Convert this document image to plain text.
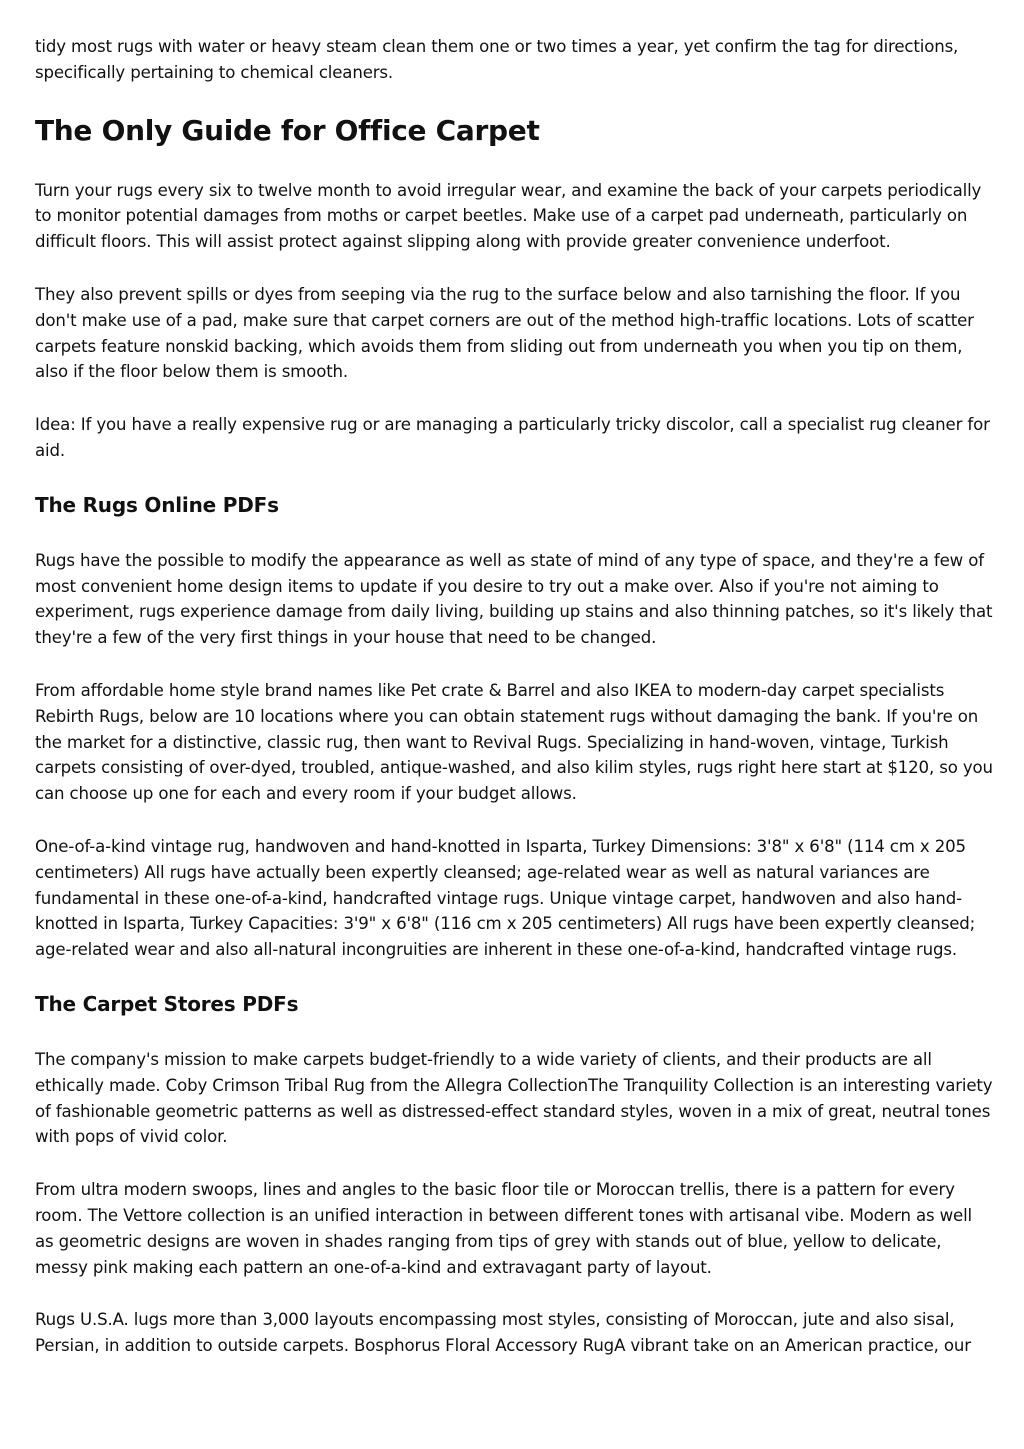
tidy most rugs with water or heavy steam clean them one or two times a year, yet confirm the tag for directions, specifically pertaining to chemical cleaners.

The Only Guide for Office Carpet

Turn your rugs every six to twelve month to avoid irregular wear, and examine the back of your carpets periodically to monitor potential damages from moths or carpet beetles. Make use of a carpet pad underneath, particularly on difficult floors. This will assist protect against slipping along with provide greater convenience underfoot.

They also prevent spills or dyes from seeping via the rug to the surface below and also tarnishing the floor. If you don't make use of a pad, make sure that carpet corners are out of the method high-traffic locations. Lots of scatter carpets feature nonskid backing, which avoids them from sliding out from underneath you when you tip on them, also if the floor below them is smooth.

Idea: If you have a really expensive rug or are managing a particularly tricky discolor, call a specialist rug cleaner for aid.

The Rugs Online PDFs

Rugs have the possible to modify the appearance as well as state of mind of any type of space, and they're a few of most convenient home design items to update if you desire to try out a make over. Also if you're not aiming to experiment, rugs experience damage from daily living, building up stains and also thinning patches, so it's likely that they're a few of the very first things in your house that need to be changed.

From affordable home style brand names like Pet crate & Barrel and also IKEA to modern-day carpet specialists Rebirth Rugs, below are 10 locations where you can obtain statement rugs without damaging the bank. If you're on the market for a distinctive, classic rug, then want to Revival Rugs. Specializing in hand-woven, vintage, Turkish carpets consisting of over-dyed, troubled, antique-washed, and also kilim styles, rugs right here start at $120, so you can choose up one for each and every room if your budget allows.

One-of-a-kind vintage rug, handwoven and hand-knotted in Isparta, Turkey Dimensions: 3'8" x 6'8" (114 cm x 205 centimeters) All rugs have actually been expertly cleansed; age-related wear as well as natural variances are fundamental in these one-of-a-kind, handcrafted vintage rugs. Unique vintage carpet, handwoven and also hand-knotted in Isparta, Turkey Capacities: 3'9" x 6'8" (116 cm x 205 centimeters) All rugs have been expertly cleansed; age-related wear and also all-natural incongruities are inherent in these one-of-a-kind, handcrafted vintage rugs.

The Carpet Stores PDFs

The company's mission to make carpets budget-friendly to a wide variety of clients, and their products are all ethically made. Coby Crimson Tribal Rug from the Allegra CollectionThe Tranquility Collection is an interesting variety of fashionable geometric patterns as well as distressed-effect standard styles, woven in a mix of great, neutral tones with pops of vivid color.

From ultra modern swoops, lines and angles to the basic floor tile or Moroccan trellis, there is a pattern for every room. The Vettore collection is an unified interaction in between different tones with artisanal vibe. Modern as well as geometric designs are woven in shades ranging from tips of grey with stands out of blue, yellow to delicate, messy pink making each pattern an one-of-a-kind and extravagant party of layout.

Rugs U.S.A. lugs more than 3,000 layouts encompassing most styles, consisting of Moroccan, jute and also sisal, Persian, in addition to outside carpets. Bosphorus Floral Accessory RugA vibrant take on an American practice, our
